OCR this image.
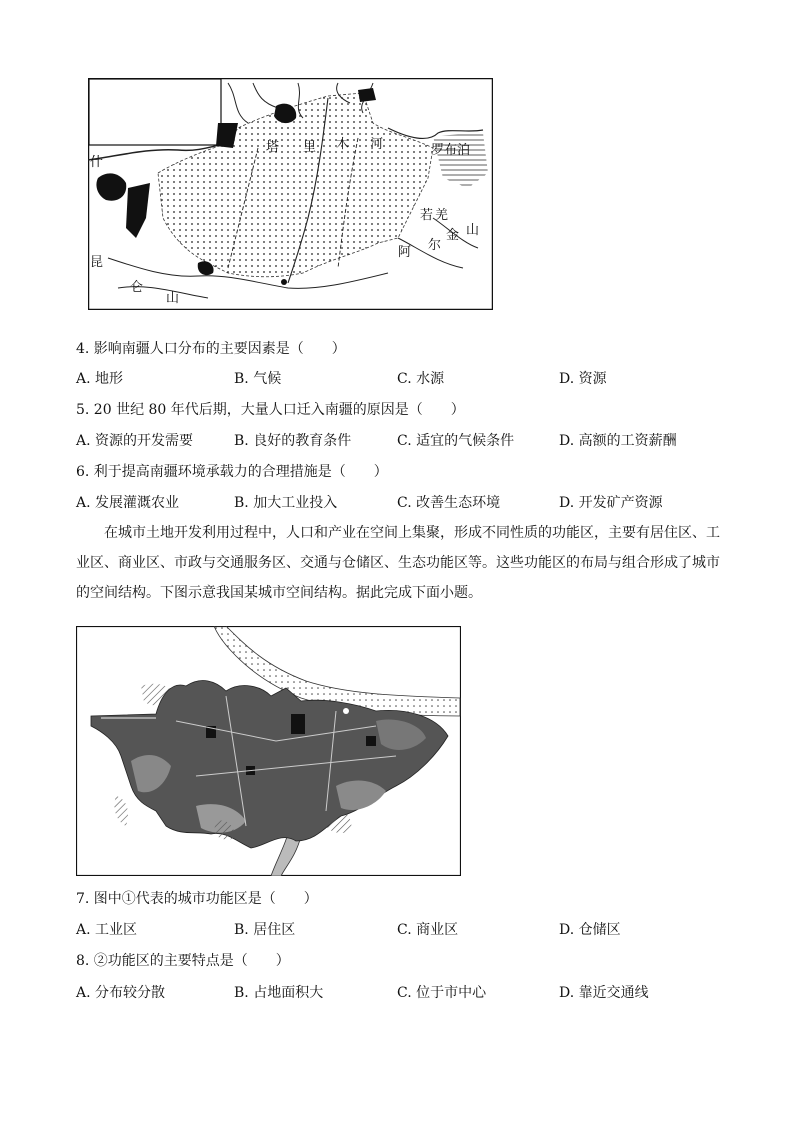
什
塔 里 木 河	罗布泊
若 羌
阿 尔
金 山
昆
仑
山
4. 影响南疆人口分布的主要因素是（　　）
A. 地形	B. 气候	C. 水源	D. 资源
5. 20 世纪 80 年代后期，大量人口迁入南疆的原因是（　　）
A. 资源的开发需要	B. 良好的教育条件	C. 适宜的气候条件	D. 高额的工资薪酬
6. 利于提高南疆环境承载力的合理措施是（　　）
A. 发展灌溉农业	B. 加大工业投入	C. 改善生态环境	D. 开发矿产资源
在城市土地开发利用过程中，人口和产业在空间上集聚，形成不同性质的功能区，主要有居住区、工
业区、商业区、市政与交通服务区、交通与仓储区、生态功能区等。这些功能区的布局与组合形成了城市
的空间结构。下图示意我国某城市空间结构。据此完成下面小题。
7. 图中①代表的城市功能区是（　　）
A. 工业区	B. 居住区	C. 商业区	D. 仓储区
8. ②功能区的主要特点是（　　）
A. 分布较分散	B. 占地面积大	C. 位于市中心	D. 靠近交通线
